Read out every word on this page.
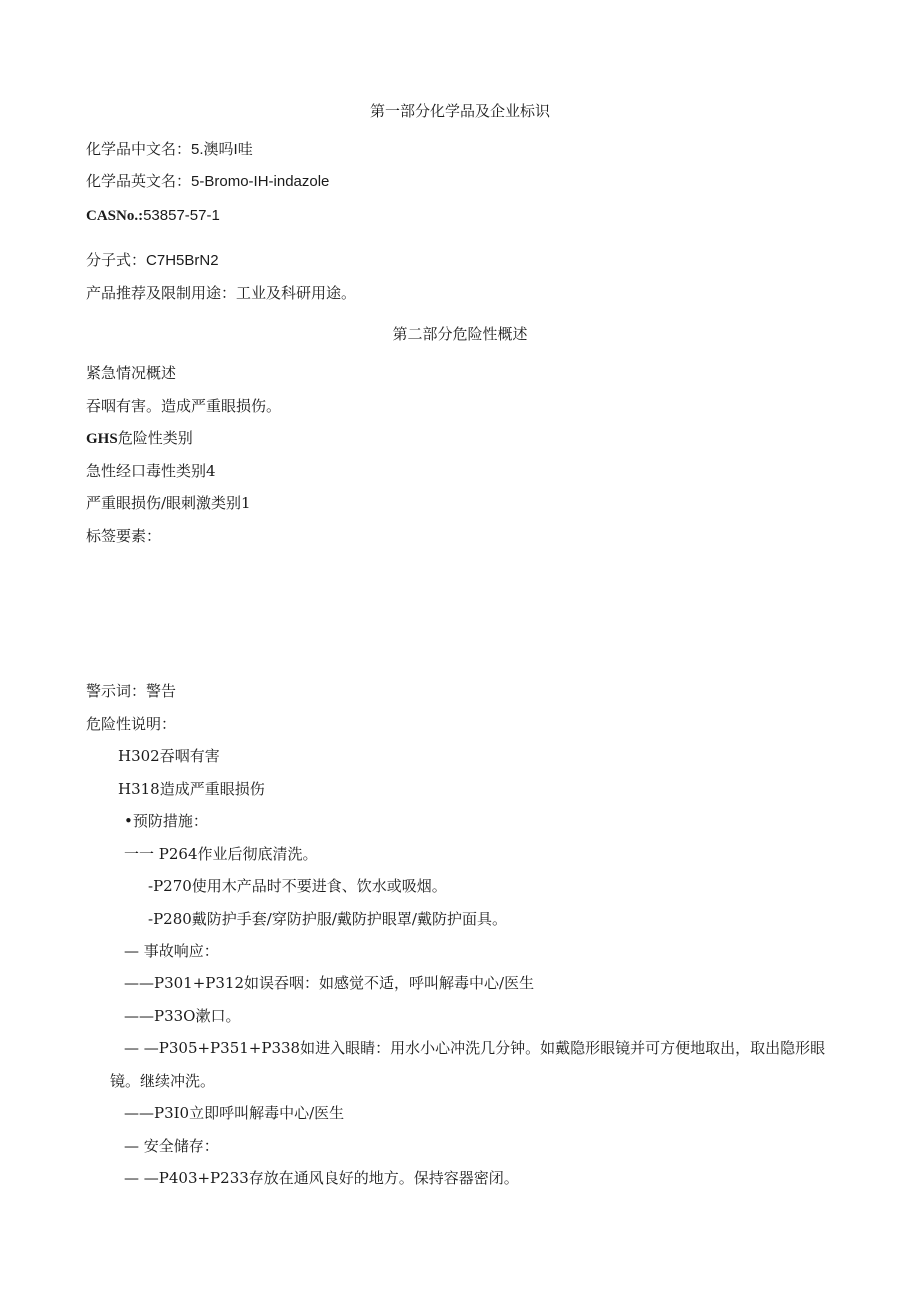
第一部分化学品及企业标识
化学品中文名：5.澳吗I哇
化学品英文名：5-Bromo-IH-indazole
CASNo.:53857-57-1
分子式：C7H5BrN2
产品推荐及限制用途：工业及科研用途。
第二部分危险性概述
紧急情况概述
吞咽有害。造成严重眼损伤。
GHS危险性类别
急性经口毒性类别4
严重眼损伤/眼刺激类别1
标签要素：
警示词：警告
危险性说明：
H302吞咽有害
H318造成严重眼损伤
•预防措施：
一一 P264作业后彻底清洗。
-P270使用木产品时不要进食、饮水或吸烟。
-P280戴防护手套/穿防护服/戴防护眼罩/戴防护面具。
— 事故响应：
——P301+P312如误吞咽：如感觉不适，呼叫解毒中心/医生
——P33O漱口。
— —P305+P351+P338如进入眼睛：用水小心冲洗几分钟。如戴隐形眼镜并可方便地取出，取出隐形眼
镜。继续冲洗。
——P3I0立即呼叫解毒中心/医生
— 安全储存：
— —P403+P233存放在通风良好的地方。保持容器密闭。
